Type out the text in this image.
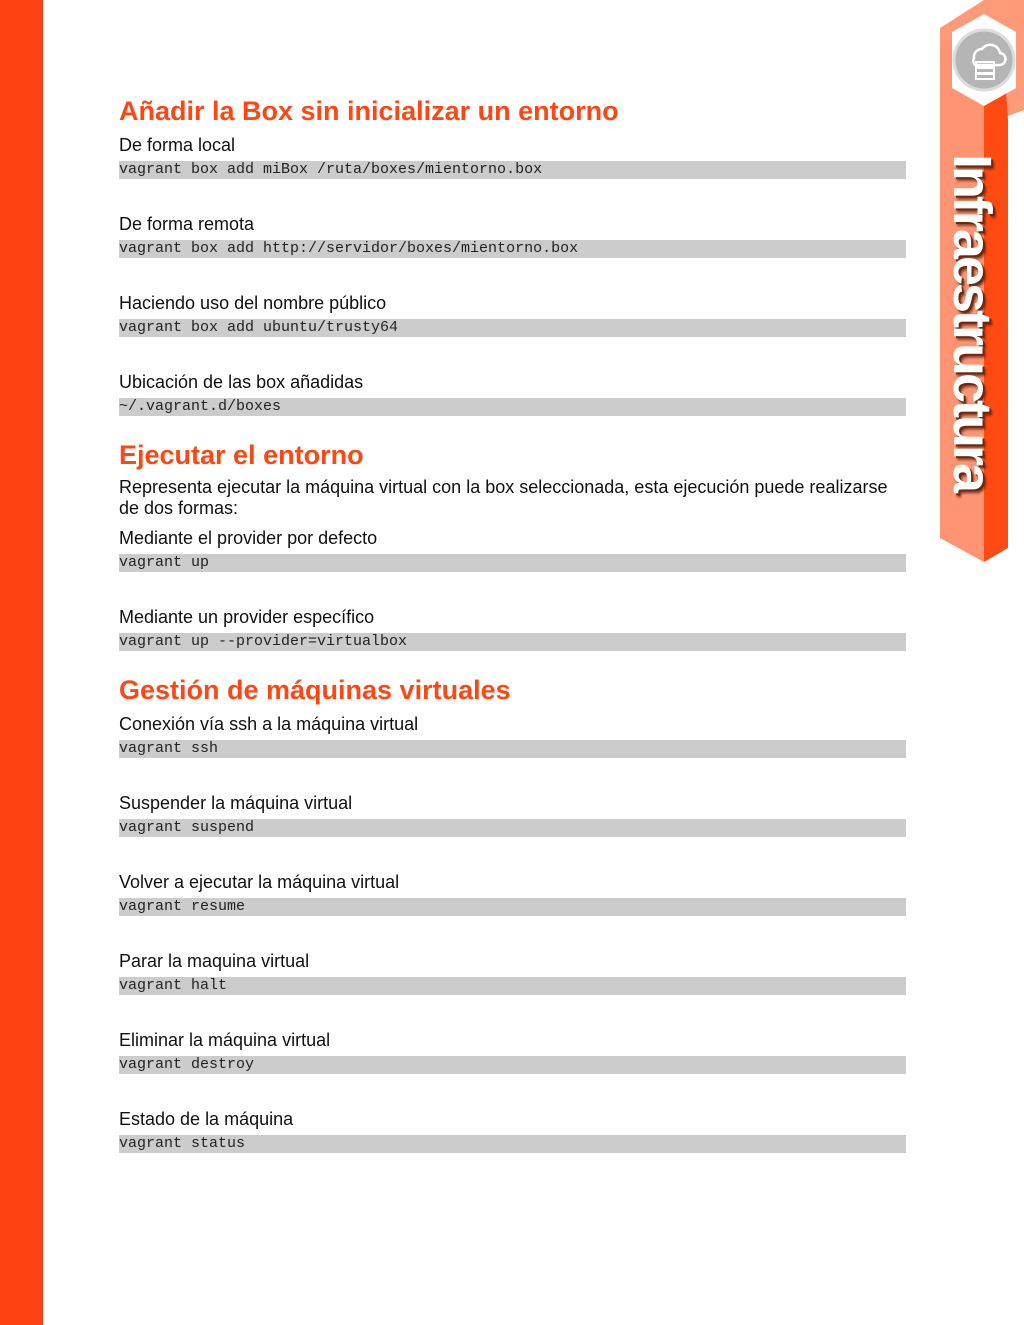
Infraestructura
Añadir la Box sin inicializar un entorno
De forma local
vagrant box add miBox /ruta/boxes/mientorno.box
De forma remota
vagrant box add http://servidor/boxes/mientorno.box
Haciendo uso del nombre público
vagrant box add ubuntu/trusty64
Ubicación de las box añadidas
~/.vagrant.d/boxes
Ejecutar el entorno
Representa ejecutar la máquina virtual con la box seleccionada, esta ejecución puede realizarse de dos formas:
Mediante el provider por defecto
vagrant up
Mediante un provider específico
vagrant up --provider=virtualbox
Gestión de máquinas virtuales
Conexión vía ssh a la máquina virtual
vagrant ssh
Suspender la máquina virtual
vagrant suspend
Volver a ejecutar la máquina virtual
vagrant resume
Parar la maquina virtual
vagrant halt
Eliminar la máquina virtual
vagrant destroy
Estado de la máquina
vagrant status
